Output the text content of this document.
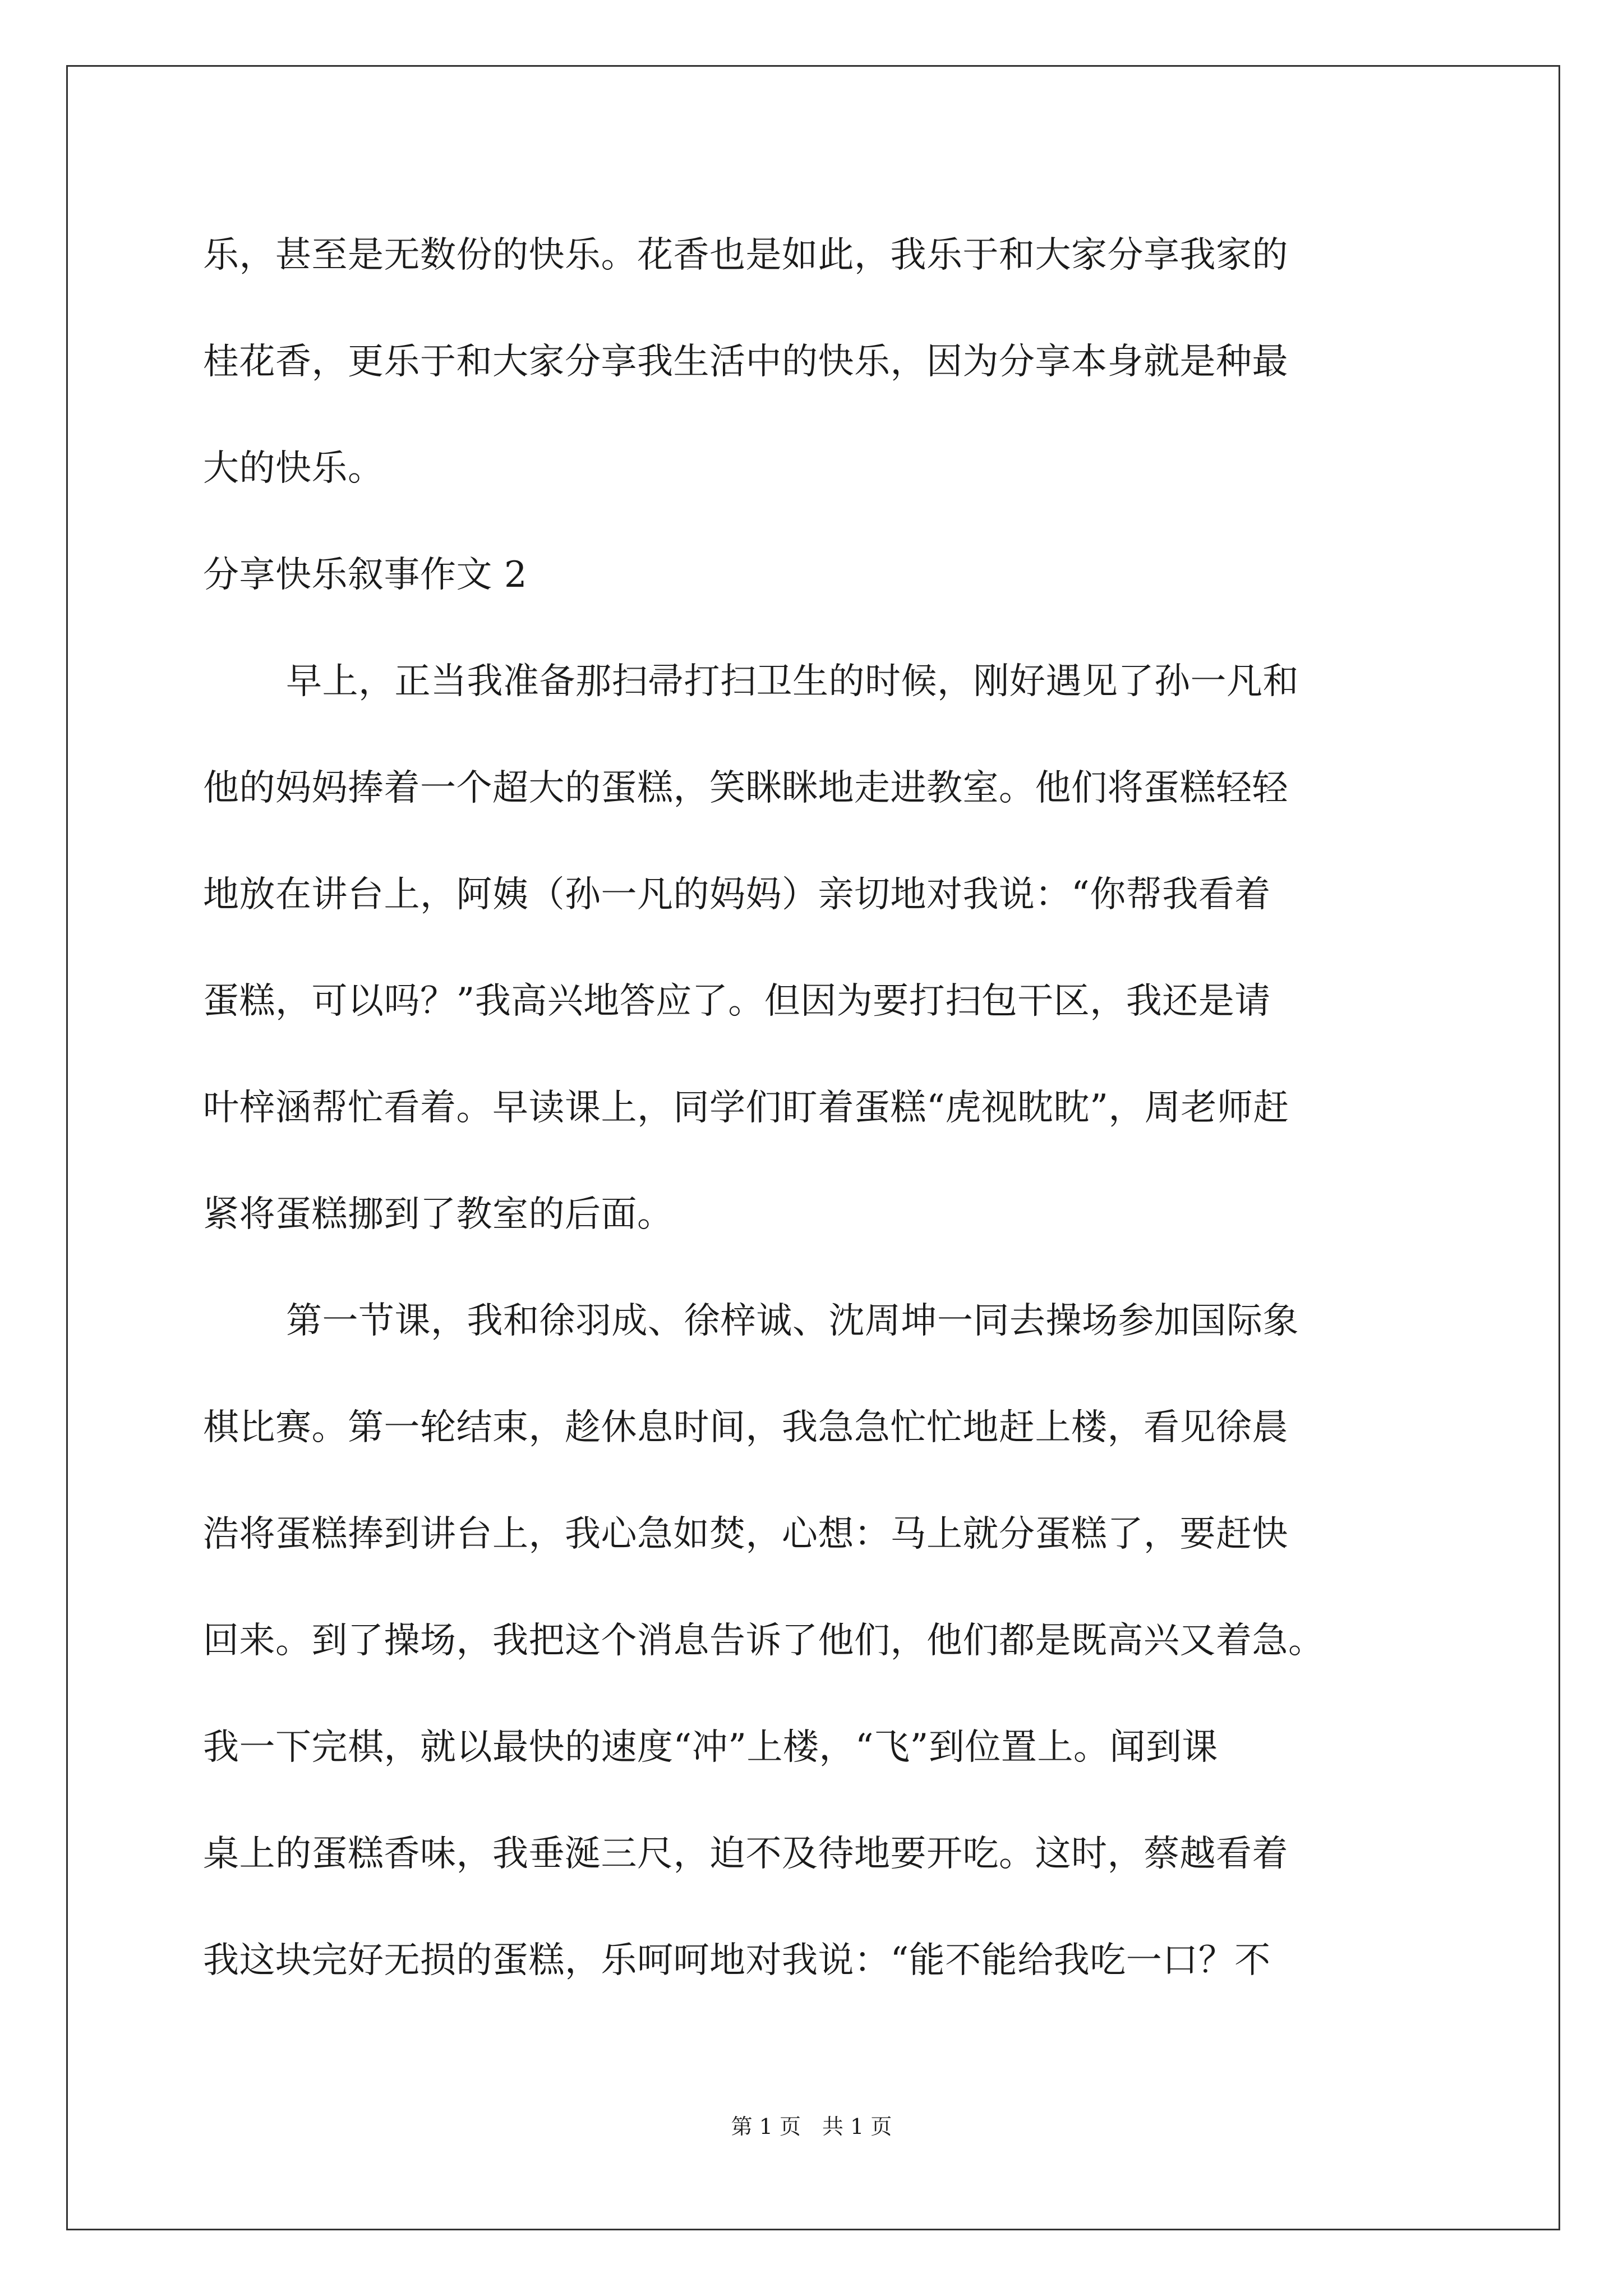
乐，甚至是无数份的快乐。花香也是如此，我乐于和大家分享我家的
桂花香，更乐于和大家分享我生活中的快乐，因为分享本身就是种最
大的快乐。
分享快乐叙事作文 2
早上，正当我准备那扫帚打扫卫生的时候，刚好遇见了孙一凡和
他的妈妈捧着一个超大的蛋糕，笑眯眯地走进教室。他们将蛋糕轻轻
地放在讲台上，阿姨（孙一凡的妈妈）亲切地对我说：“你帮我看着
蛋糕，可以吗？”我高兴地答应了。但因为要打扫包干区，我还是请
叶梓涵帮忙看着。早读课上，同学们盯着蛋糕“虎视眈眈”，周老师赶
紧将蛋糕挪到了教室的后面。
第一节课，我和徐羽成、徐梓诚、沈周坤一同去操场参加国际象
棋比赛。第一轮结束，趁休息时间，我急急忙忙地赶上楼，看见徐晨
浩将蛋糕捧到讲台上，我心急如焚，心想：马上就分蛋糕了，要赶快
回来。到了操场，我把这个消息告诉了他们，他们都是既高兴又着急。
我一下完棋，就以最快的速度“冲”上楼，“飞”到位置上。闻到课
桌上的蛋糕香味，我垂涎三尺，迫不及待地要开吃。这时，蔡越看着
我这块完好无损的蛋糕，乐呵呵地对我说：“能不能给我吃一口？不
第 1 页　共 1 页
